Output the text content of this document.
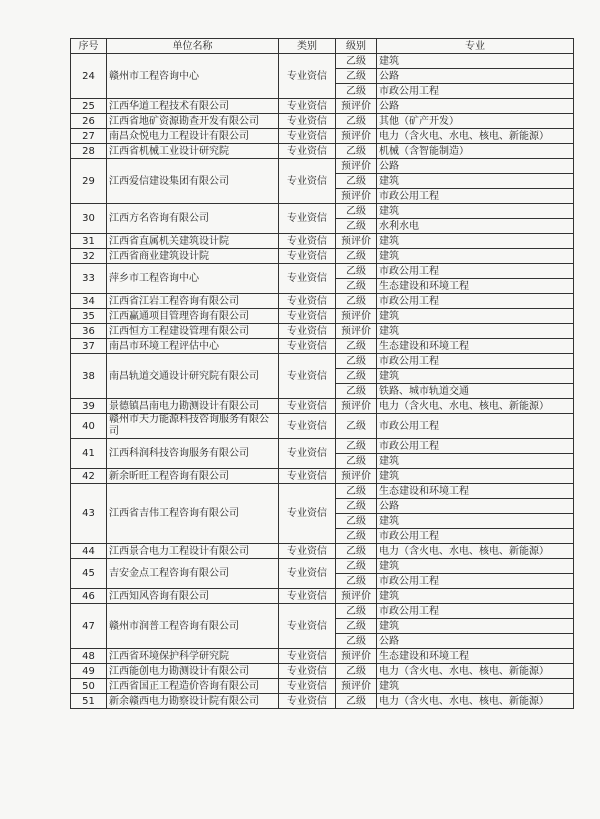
序号	单位名称	类别	级别	专业
24	赣州市工程咨询中心	专业资信	乙级	建筑
			乙级	公路
			乙级	市政公用工程
25	江西华道工程技术有限公司	专业资信	预评价	公路
26	江西省地矿资源勘查开发有限公司	专业资信	乙级	其他（矿产开发）
27	南昌众悦电力工程设计有限公司	专业资信	预评价	电力（含火电、水电、核电、新能源）
28	江西省机械工业设计研究院	专业资信	乙级	机械（含智能制造）
29	江西爱信建设集团有限公司	专业资信	预评价	公路
			乙级	建筑
			预评价	市政公用工程
30	江西方名咨询有限公司	专业资信	乙级	建筑
			乙级	水利水电
31	江西省直属机关建筑设计院	专业资信	预评价	建筑
32	江西省商业建筑设计院	专业资信	乙级	建筑
33	萍乡市工程咨询中心	专业资信	乙级	市政公用工程
			乙级	生态建设和环境工程
34	江西省江岩工程咨询有限公司	专业资信	乙级	市政公用工程
35	江西赢通项目管理咨询有限公司	专业资信	预评价	建筑
36	江西恒方工程建设管理有限公司	专业资信	预评价	建筑
37	南昌市环境工程评估中心	专业资信	乙级	生态建设和环境工程
38	南昌轨道交通设计研究院有限公司	专业资信	乙级	市政公用工程
			乙级	建筑
			乙级	铁路、城市轨道交通
39	景德镇昌南电力勘测设计有限公司	专业资信	预评价	电力（含火电、水电、核电、新能源）
40	赣州市天力能源科技咨询服务有限公司	专业资信	乙级	市政公用工程
41	江西科润科技咨询服务有限公司	专业资信	乙级	市政公用工程
			乙级	建筑
42	新余昕旺工程咨询有限公司	专业资信	预评价	建筑
43	江西省吉伟工程咨询有限公司	专业资信	乙级	生态建设和环境工程
			乙级	公路
			乙级	建筑
			乙级	市政公用工程
44	江西景合电力工程设计有限公司	专业资信	乙级	电力（含火电、水电、核电、新能源）
45	吉安金点工程咨询有限公司	专业资信	乙级	建筑
			乙级	市政公用工程
46	江西知风咨询有限公司	专业资信	预评价	建筑
47	赣州市润普工程咨询有限公司	专业资信	乙级	市政公用工程
			乙级	建筑
			乙级	公路
48	江西省环境保护科学研究院	专业资信	预评价	生态建设和环境工程
49	江西能创电力勘测设计有限公司	专业资信	乙级	电力（含火电、水电、核电、新能源）
50	江西省国正工程造价咨询有限公司	专业资信	预评价	建筑
51	新余赣西电力勘察设计院有限公司	专业资信	乙级	电力（含火电、水电、核电、新能源）
